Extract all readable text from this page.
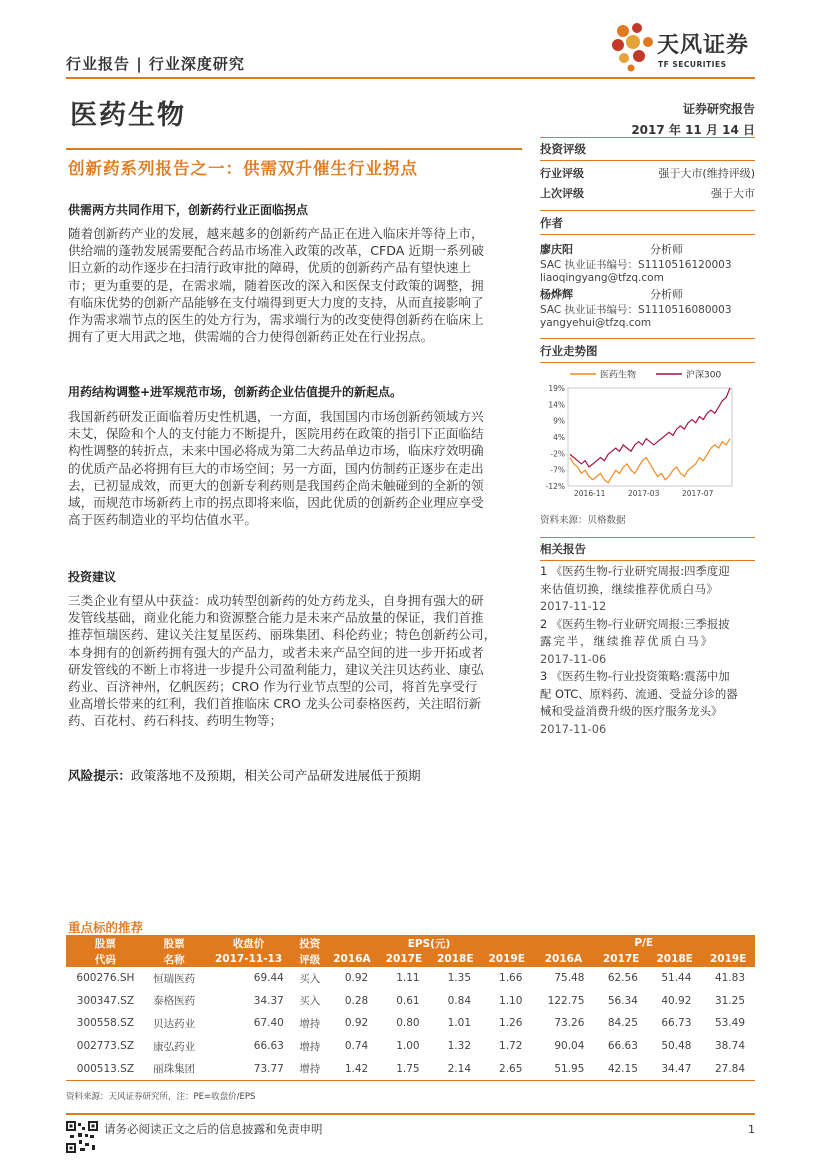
天风证券
TF SECURITIES
行业报告 | 行业深度研究
医药生物	证券研究报告
2017 年 11 月 14 日
创新药系列报告之一：供需双升催生行业拐点
供需两方共同作用下，创新药行业正面临拐点
随着创新药产业的发展，越来越多的创新药产品正在进入临床并等待上市，
供给端的蓬勃发展需要配合药品市场准入政策的改革，CFDA 近期一系列破
旧立新的动作逐步在扫清行政审批的障碍，优质的创新药产品有望快速上
市；更为重要的是，在需求端，随着医改的深入和医保支付政策的调整，拥
有临床优势的创新产品能够在支付端得到更大力度的支持，从而直接影响了
作为需求端节点的医生的处方行为，需求端行为的改变使得创新药在临床上
拥有了更大用武之地，供需端的合力使得创新药正处在行业拐点。
用药结构调整+进军规范市场，创新药企业估值提升的新起点。
我国新药研发正面临着历史性机遇，一方面，我国国内市场创新药领域方兴
未艾，保险和个人的支付能力不断提升，医院用药在政策的指引下正面临结
构性调整的转折点，未来中国必将成为第二大药品单边市场，临床疗效明确
的优质产品必将拥有巨大的市场空间；另一方面，国内仿制药正逐步在走出
去，已初显成效，而更大的创新专利药则是我国药企尚未触碰到的全新的领
域，而规范市场新药上市的拐点即将来临，因此优质的创新药企业理应享受
高于医药制造业的平均估值水平。
投资建议
三类企业有望从中获益：成功转型创新药的处方药龙头，自身拥有强大的研
发管线基础，商业化能力和资源整合能力是未来产品放量的保证，我们首推
推荐恒瑞医药、建议关注复星医药、丽珠集团、科伦药业；特色创新药公司，
本身拥有的创新药拥有强大的产品力，或者未来产品空间的进一步开拓或者
研发管线的不断上市将进一步提升公司盈利能力，建议关注贝达药业、康弘
药业、百济神州，亿帆医药；CRO 作为行业节点型的公司，将首先享受行
业高增长带来的红利，我们首推临床 CRO 龙头公司泰格医药，关注昭衍新
药、百花村、药石科技、药明生物等；
风险提示：政策落地不及预期，相关公司产品研发进展低于预期
投资评级
行业评级	强于大市(维持评级)
上次评级	强于大市
作者
廖庆阳	分析师
SAC 执业证书编号：S1110516120003
liaoqingyang@tfzq.com
杨烨辉	分析师
SAC 执业证书编号：S1110516080003
yangyehui@tfzq.com
行业走势图
19%
14%
9%
4%
-2%
-7%
-12%
2016-11	2017-03	2017-07
医药生物	沪深300
资料来源：贝格数据
相关报告
1 《医药生物-行业研究周报:四季度迎
来估值切换，继续推荐优质白马》
2017-11-12
2 《医药生物-行业研究周报:三季报披
露完半，继续推荐优质白马》
2017-11-06
3 《医药生物-行业投资策略:震荡中加
配 OTC、原料药、流通、受益分诊的器
械和受益消费升级的医疗服务龙头》
2017-11-06
重点标的推荐
股票	股票	收盘价	投资	EPS(元)				P/E			
代码	名称	2017-11-13	评级	2016A	2017E	2018E	2019E	2016A	2017E	2018E	2019E
600276.SH	恒瑞医药	69.44	买入	0.92	1.11	1.35	1.66	75.48	62.56	51.44	41.83
300347.SZ	泰格医药	34.37	买入	0.28	0.61	0.84	1.10	122.75	56.34	40.92	31.25
300558.SZ	贝达药业	67.40	增持	0.92	0.80	1.01	1.26	73.26	84.25	66.73	53.49
002773.SZ	康弘药业	66.63	增持	0.74	1.00	1.32	1.72	90.04	66.63	50.48	38.74
000513.SZ	丽珠集团	73.77	增持	1.42	1.75	2.14	2.65	51.95	42.15	34.47	27.84
资料来源：天风证券研究所，注：PE=收盘价/EPS
请务必阅读正文之后的信息披露和免责申明	1
